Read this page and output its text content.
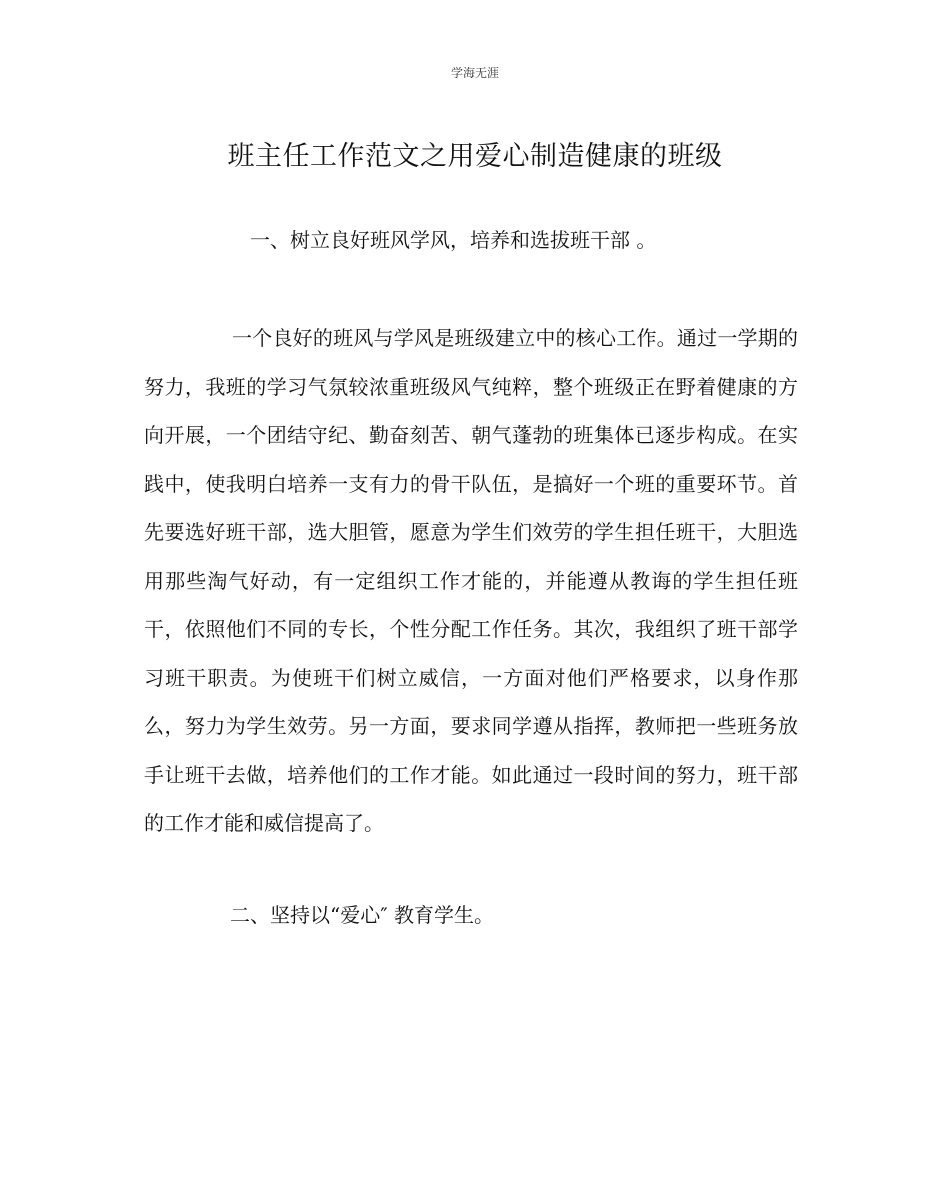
学海无涯
班主任工作范文之用爱心制造健康的班级
一、树立良好班风学风，培养和选拔班干部 。

一个良好的班风与学风是班级建立中的核心工作。通过一学期的努力，我班的学习气氛较浓重班级风气纯粹，整个班级正在野着健康的方向开展，一个团结守纪、勤奋刻苦、朝气蓬勃的班集体已逐步构成。在实践中，使我明白培养一支有力的骨干队伍，是搞好一个班的重要环节。首先要选好班干部，选大胆管，愿意为学生们效劳的学生担任班干，大胆选用那些淘气好动，有一定组织工作才能的，并能遵从教诲的学生担任班干，依照他们不同的专长，个性分配工作任务。其次，我组织了班干部学习班干职责。为使班干们树立威信，一方面对他们严格要求，以身作那么，努力为学生效劳。另一方面，要求同学遵从指挥，教师把一些班务放手让班干去做，培养他们的工作才能。如此通过一段时间的努力，班干部的工作才能和威信提高了。

二、坚持以“爱心″ 教育学生。
